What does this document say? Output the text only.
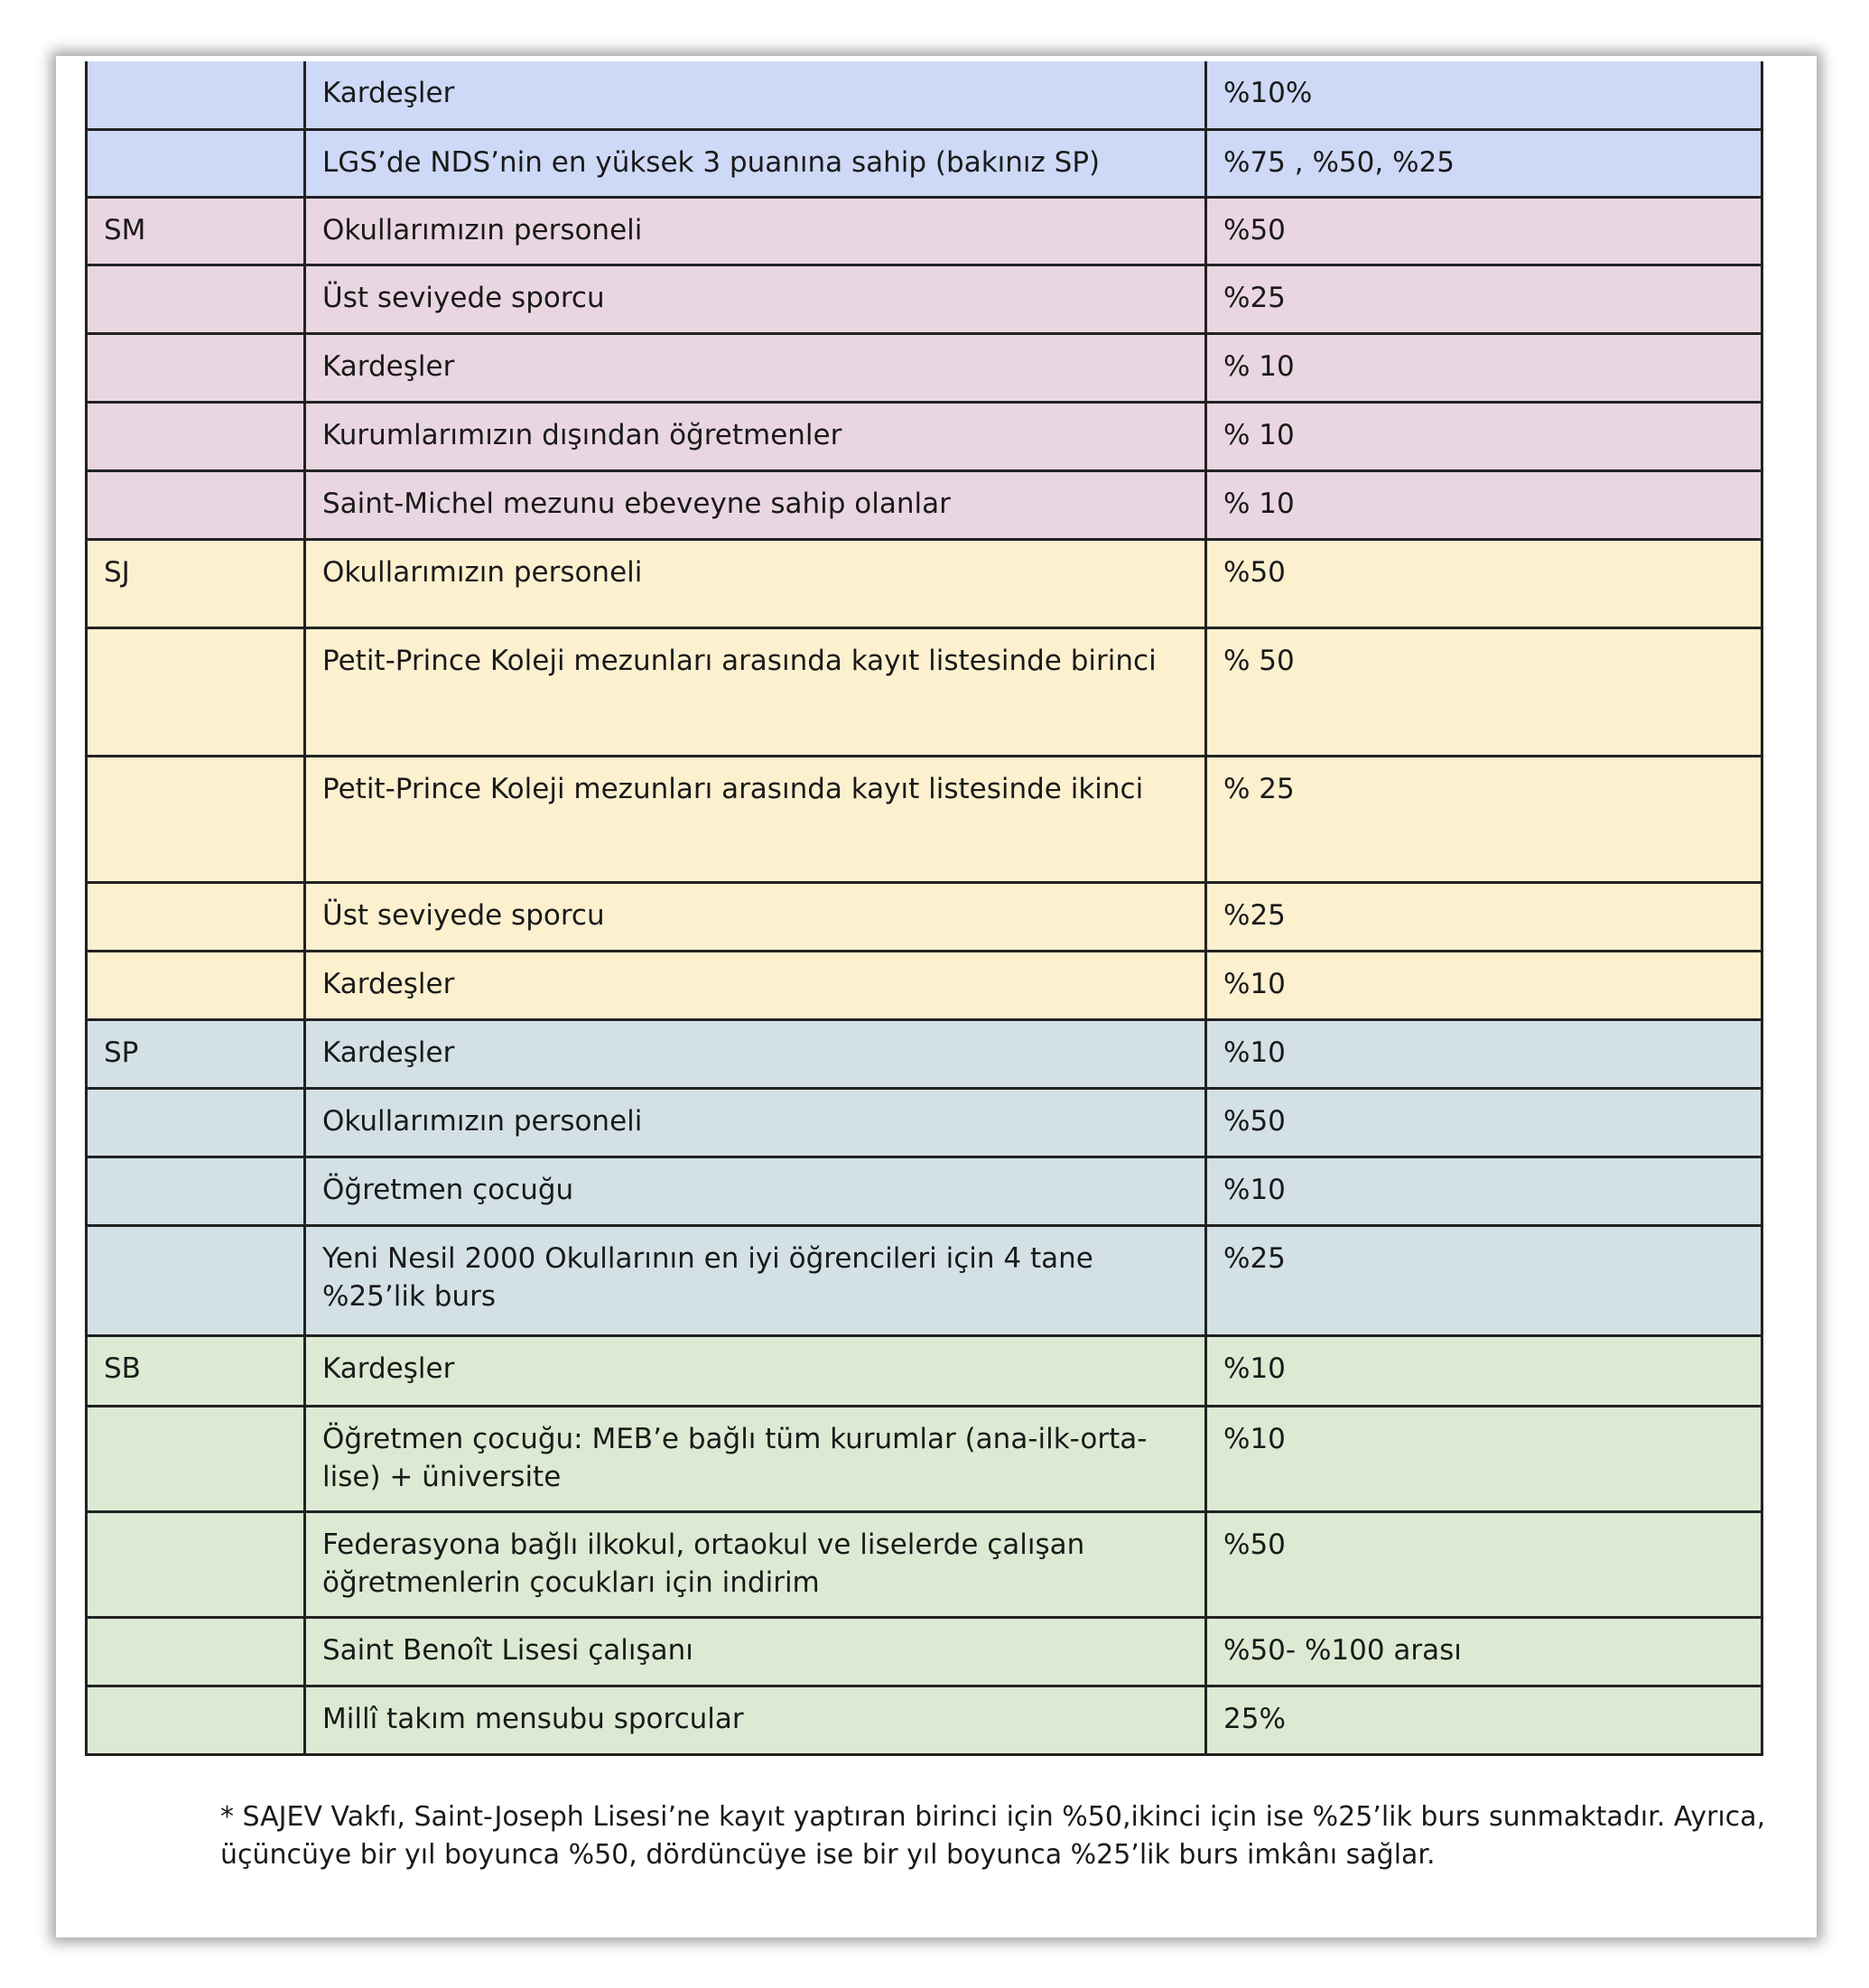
	Kardeşler	%10%
	LGS’de NDS’nin en yüksek 3 puanına sahip (bakınız SP)	%75 , %50, %25
SM	Okullarımızın personeli	%50
	Üst seviyede sporcu	%25
	Kardeşler	% 10
	Kurumlarımızın dışından öğretmenler	% 10
	Saint-Michel mezunu ebeveyne sahip olanlar	% 10
SJ	Okullarımızın personeli	%50
	Petit-Prince Koleji mezunları arasında kayıt listesinde birinci	% 50
	Petit-Prince Koleji mezunları arasında kayıt listesinde ikinci	% 25
	Üst seviyede sporcu	%25
	Kardeşler	%10
SP	Kardeşler	%10
	Okullarımızın personeli	%50
	Öğretmen çocuğu	%10
	Yeni Nesil 2000 Okullarının en iyi öğrencileri için 4 tane %25’lik burs	%25
SB	Kardeşler	%10
	Öğretmen çocuğu: MEB’e bağlı tüm kurumlar (ana-ilk-orta-lise) + üniversite	%10
	Federasyona bağlı ilkokul, ortaokul ve liselerde çalışan öğretmenlerin çocukları için indirim	%50
	Saint Benoît Lisesi çalışanı	%50- %100 arası
	Millî takım mensubu sporcular	25%
* SAJEV Vakfı, Saint-Joseph Lisesi’ne kayıt yaptıran birinci için %50,ikinci için ise %25’lik burs sunmaktadır. Ayrıca, üçüncüye bir yıl boyunca %50, dördüncüye ise bir yıl boyunca %25’lik burs imkânı sağlar.
